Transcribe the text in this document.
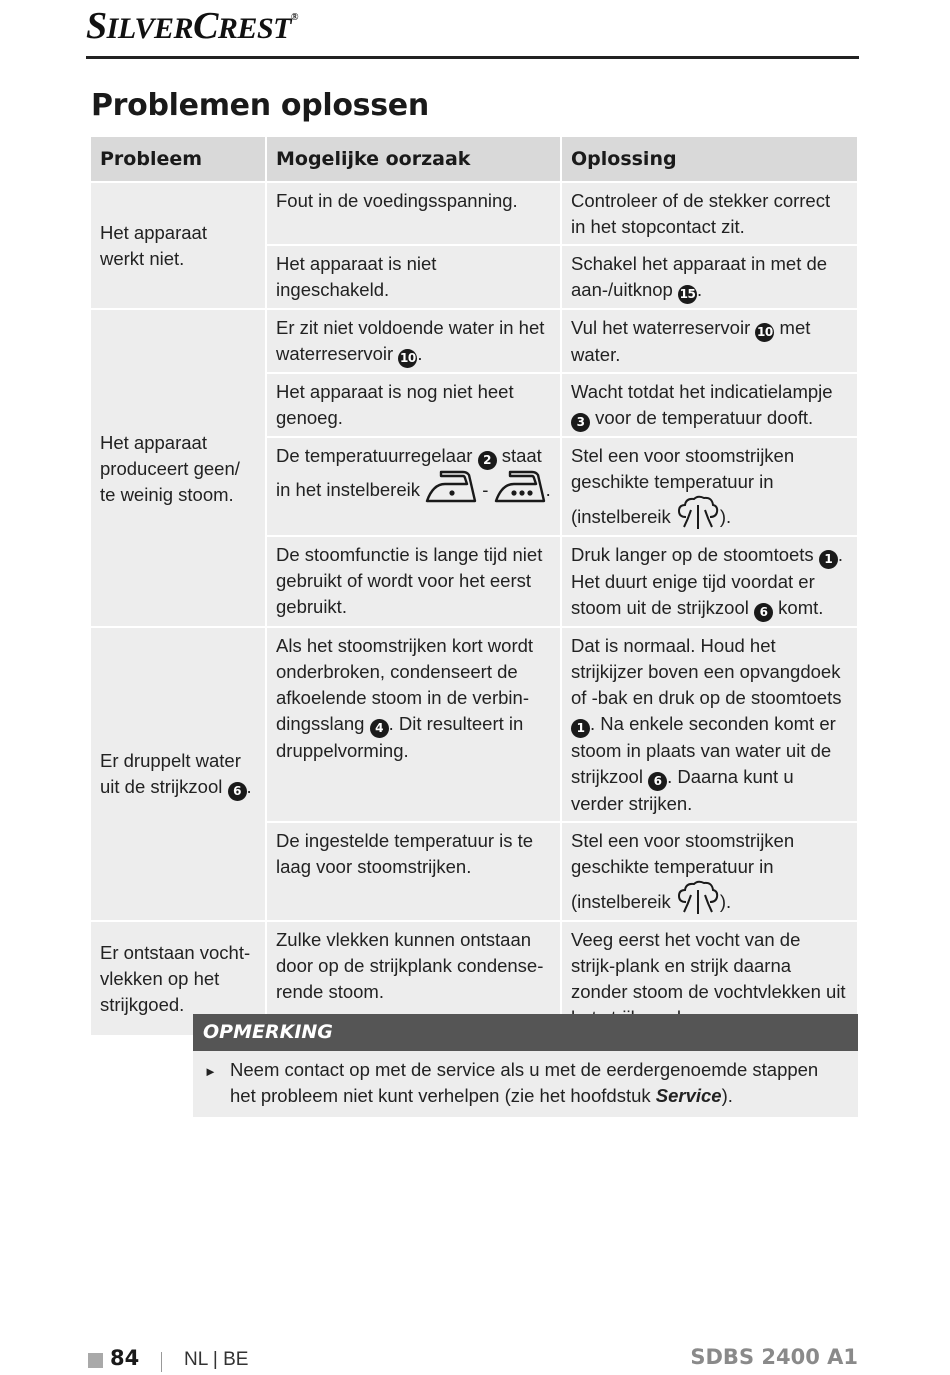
SILVERCREST®
Problemen oplossen
Probleem	Mogelijke oorzaak	Oplossing
Het apparaat werkt niet.	Fout in de voedingsspanning.	Controleer of de stekker correct in het stopcontact zit.
	Het apparaat is niet ingeschakeld.	Schakel het apparaat in met de aan-/uitknop 15.
Het apparaat produceert geen/ te weinig stoom.	Er zit niet voldoende water in het waterreservoir 10.	Vul het waterreservoir 10 met water.
	Het apparaat is nog niet heet genoeg.	Wacht totdat het indicatielampje 3 voor de temperatuur dooft.
	De temperatuurregelaar 2 staat in het instelbereik - .	Stel een voor stoomstrijken geschikte temperatuur in (instelbereik ).
	De stoomfunctie is lange tijd niet gebruikt of wordt voor het eerst gebruikt.	Druk langer op de stoomtoets 1 . Het duurt enige tijd voordat er stoom uit de strijkzool 6 komt.
Er druppelt water uit de strijkzool 6 .	Als het stoomstrijken kort wordt onderbroken, condenseert de afkoelende stoom in de verbin-dingsslang 4 . Dit resulteert in druppelvorming.	Dat is normaal. Houd het strijkijzer boven een opvangdoek of -bak en druk op de stoomtoets 1 . Na enkele seconden komt er stoom in plaats van water uit de strijkzool 6 . Daarna kunt u verder strijken.
	De ingestelde temperatuur is te laag voor stoomstrijken.	Stel een voor stoomstrijken geschikte temperatuur in (instelbereik ).
Er ontstaan vocht-vlekken op het strijkgoed.	Zulke vlekken kunnen ontstaan door op de strijkplank condense-rende stoom.	Veeg eerst het vocht van de strijk-plank en strijk daarna zonder stoom de vochtvlekken uit
OPMERKING
► Neem contact op met de service als u met de eerdergenoemde stappen het probleem niet kunt verhelpen (zie het hoofdstuk Service).
84 NL | BE	SDBS 2400 A1
